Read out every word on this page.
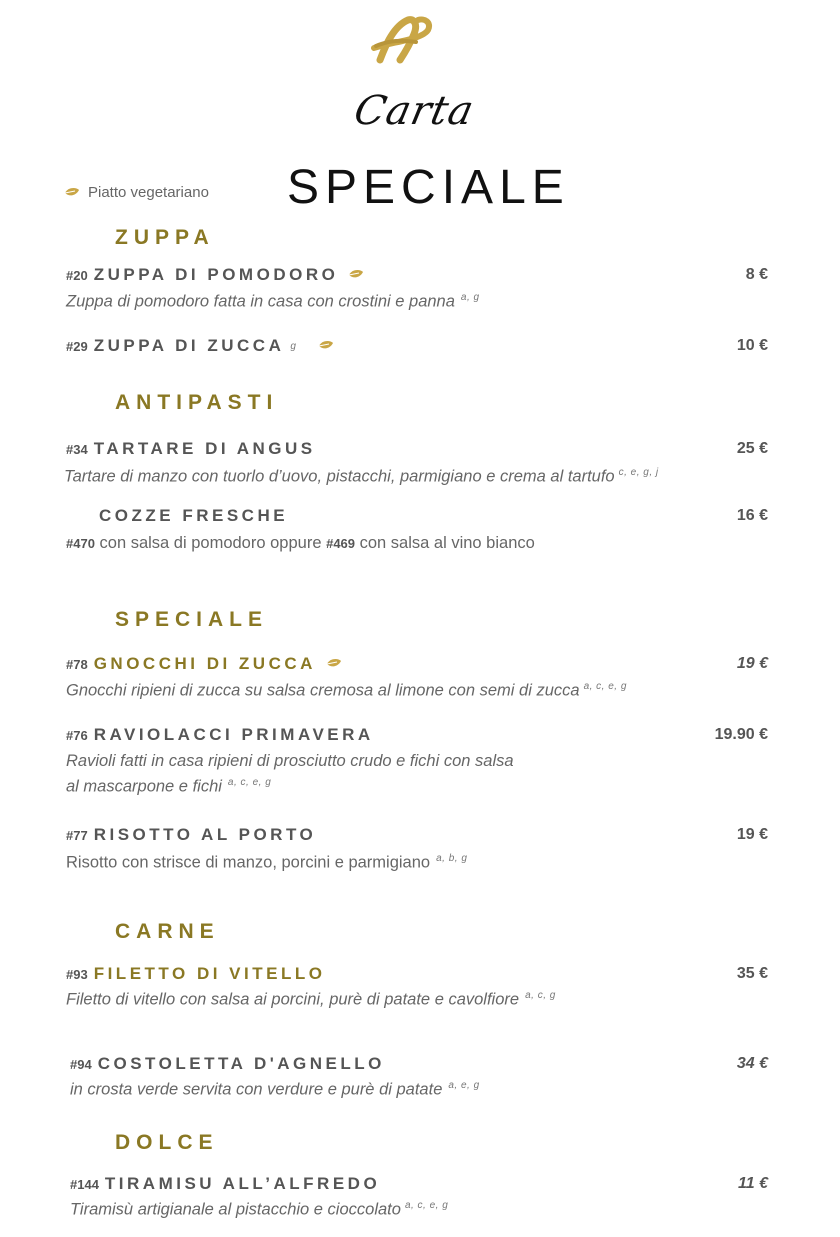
Carta
SPECIALE
Piatto vegetariano
ZUPPA
#20 ZUPPA DI POMODORO	8 €
Zuppa di pomodoro fatta in casa con crostini e panna $^{a, g}$
#29 ZUPPA DI ZUCCA g	10 €
ANTIPASTI
#34 TARTARE DI ANGUS	25 €
Tartare di manzo con tuorlo d’uovo, pistacchi, parmigiano e crema al tartufo $^{c, e, g, j}$
COZZE FRESCHE	16 €
#470 con salsa di pomodoro oppure #469 con salsa al vino bianco
SPECIALE
#78 GNOCCHI DI ZUCCA	19 €
Gnocchi ripieni di zucca su salsa cremosa al limone con semi di zucca $^{a, c, e, g}$
#76 RAVIOLACCI PRIMAVERA	19.90 €
Ravioli fatti in casa ripieni di prosciutto crudo e fichi con salsa
al mascarpone e fichi $^{a, c, e, g}$
#77 RISOTTO AL PORTO	19 €
Risotto con strisce di manzo, porcini e parmigiano $^{a, b, g}$
CARNE
#93 FILETTO DI VITELLO	35 €
Filetto di vitello con salsa ai porcini, purè di patate e cavolfiore $^{a, c, g}$
#94 COSTOLETTA D'AGNELLO	34 €
in crosta verde servita con verdure e purè di patate $^{a, e, g}$
DOLCE
#144 TIRAMISU ALL’ALFREDO	11 €
Tiramisù artigianale al pistacchio e cioccolato $^{a, c, e, g}$
